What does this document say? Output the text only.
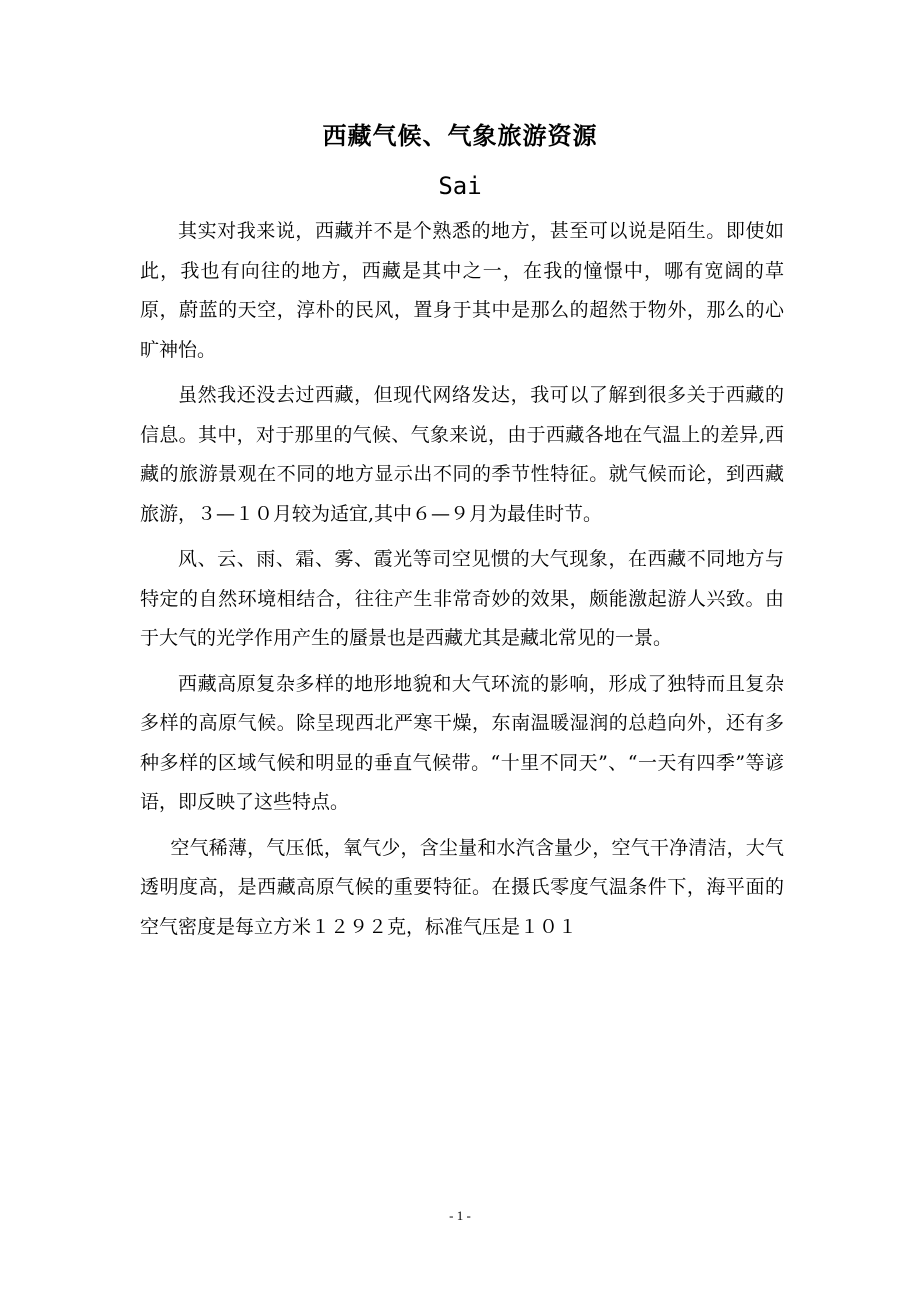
西藏气候、气象旅游资源
Sai

其实对我来说，西藏并不是个熟悉的地方，甚至可以说是陌生。即使如此，我也有向往的地方，西藏是其中之一，在我的憧憬中，哪有宽阔的草原，蔚蓝的天空，淳朴的民风，置身于其中是那么的超然于物外，那么的心旷神怡。

虽然我还没去过西藏，但现代网络发达，我可以了解到很多关于西藏的信息。其中，对于那里的气候、气象来说，由于西藏各地在气温上的差异,西藏的旅游景观在不同的地方显示出不同的季节性特征。就气候而论，到西藏旅游，３—１０月较为适宜,其中６—９月为最佳时节。

风、云、雨、霜、雾、霞光等司空见惯的大气现象，在西藏不同地方与特定的自然环境相结合，往往产生非常奇妙的效果，颇能激起游人兴致。由于大气的光学作用产生的蜃景也是西藏尤其是藏北常见的一景。

西藏高原复杂多样的地形地貌和大气环流的影响，形成了独特而且复杂多样的高原气候。除呈现西北严寒干燥，东南温暖湿润的总趋向外，还有多种多样的区域气候和明显的垂直气候带。“十里不同天”、“一天有四季”等谚语，即反映了这些特点。

空气稀薄，气压低，氧气少，含尘量和水汽含量少，空气干净清洁，大气透明度高，是西藏高原气候的重要特征。在摄氏零度气温条件下，海平面的空气密度是每立方米１２９２克，标准气压是１０１

- 1 -
